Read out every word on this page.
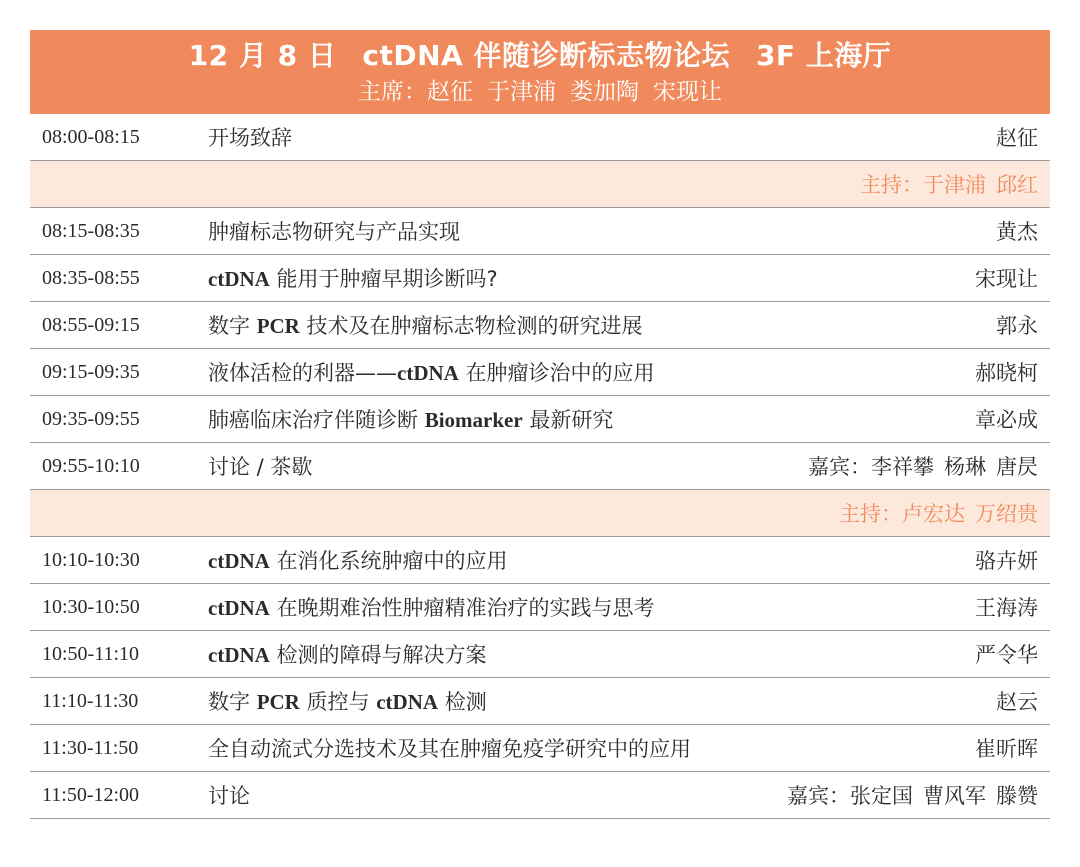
12 月 8 日 ctDNA 伴随诊断标志物论坛 3F 上海厅
主席：赵征 于津浦 娄加陶 宋现让
08:00-08:15	开场致辞	赵征
主持：于津浦 邱红
08:15-08:35	肿瘤标志物研究与产品实现	黄杰
08:35-08:55	ctDNA 能用于肿瘤早期诊断吗?	宋现让
08:55-09:15	数字 PCR 技术及在肿瘤标志物检测的研究进展	郭永
09:15-09:35	液体活检的利器——ctDNA 在肿瘤诊治中的应用	郝晓柯
09:35-09:55	肺癌临床治疗伴随诊断 Biomarker 最新研究	章必成
09:55-10:10	讨论 / 茶歇	嘉宾：李祥攀 杨琳 唐昃
主持：卢宏达 万绍贵
10:10-10:30	ctDNA 在消化系统肿瘤中的应用	骆卉妍
10:30-10:50	ctDNA 在晚期难治性肿瘤精准治疗的实践与思考	王海涛
10:50-11:10	ctDNA 检测的障碍与解决方案	严令华
11:10-11:30	数字 PCR 质控与 ctDNA 检测	赵云
11:30-11:50	全自动流式分选技术及其在肿瘤免疫学研究中的应用	崔昕晖
11:50-12:00	讨论	嘉宾：张定国 曹风军 滕赞
